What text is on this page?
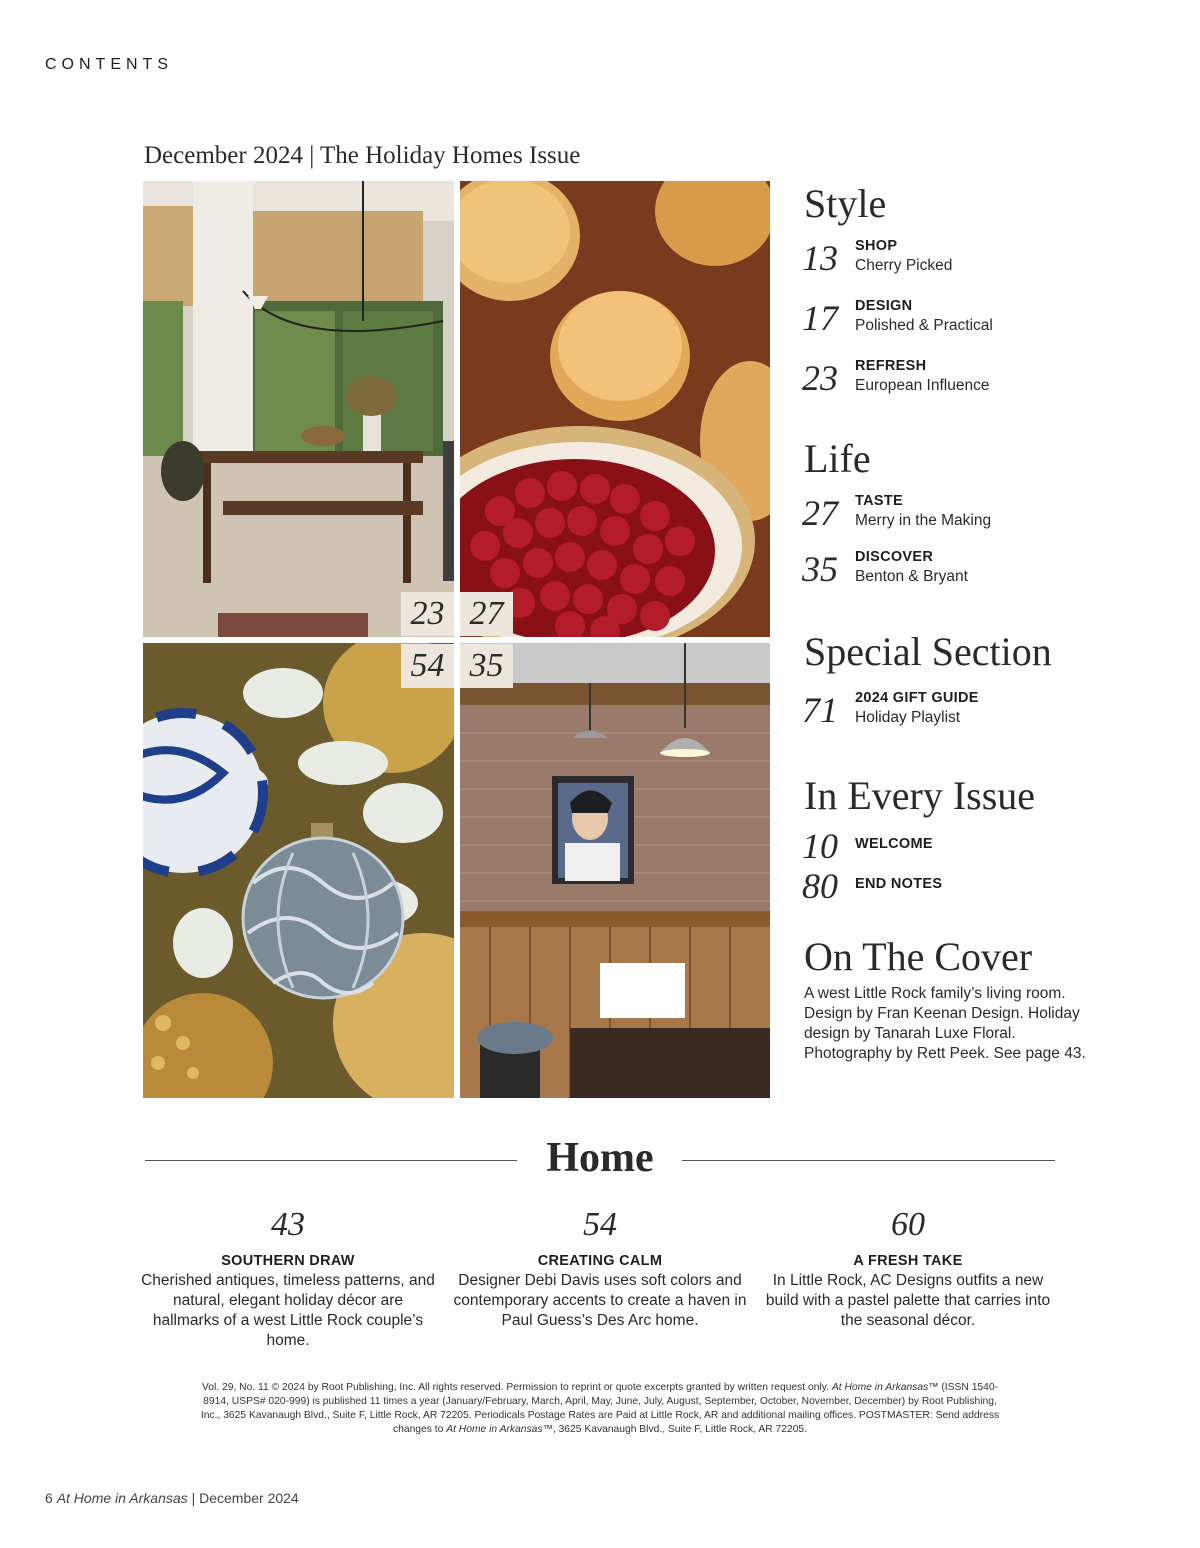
CONTENTS
December 2024 | The Holiday Homes Issue
23 27
54 35
Style
13	SHOP
Cherry Picked
17	DESIGN
Polished & Practical
23	REFRESH
European Influence
Life
27	TASTE
Merry in the Making
35	DISCOVER
Benton & Bryant
Special Section
71	2024 GIFT GUIDE
Holiday Playlist
In Every Issue
10	WELCOME
80	END NOTES
On The Cover

A west Little Rock family’s living room. Design by Fran Keenan Design. Holiday design by Tanarah Luxe Floral. Photography by Rett Peek. See page 43.

Home
43
SOUTHERN DRAW
Cherished antiques, timeless patterns, and natural, elegant holiday décor are hallmarks of a west Little Rock couple’s home.
54
CREATING CALM
Designer Debi Davis uses soft colors and contemporary accents to create a haven in Paul Guess’s Des Arc home.
60
A FRESH TAKE
In Little Rock, AC Designs outfits a new build with a pastel palette that carries into the seasonal décor.

Vol. 29, No. 11 © 2024 by Root Publishing, Inc. All rights reserved. Permission to reprint or quote excerpts granted by written request only. At Home in Arkansas™ (ISSN 1540-8914, USPS# 020-999) is published 11 times a year (January/February, March, April, May, June, July, August, September, October, November, December) by Root Publishing, Inc., 3625 Kavanaugh Blvd., Suite F, Little Rock, AR 72205. Periodicals Postage Rates are Paid at Little Rock, AR and additional mailing offices. POSTMASTER: Send address changes to At Home in Arkansas™, 3625 Kavanaugh Blvd., Suite F, Little Rock, AR 72205.

6 At Home in Arkansas | December 2024
